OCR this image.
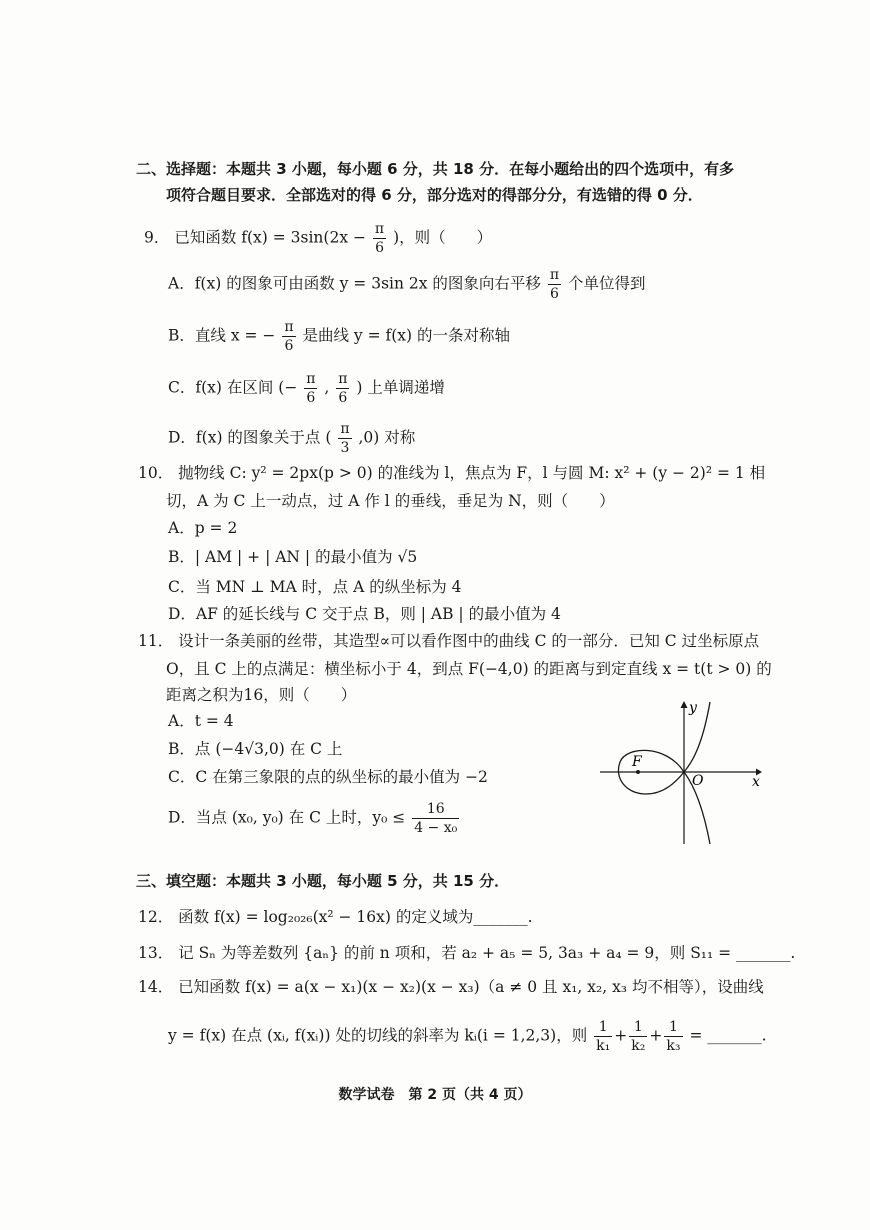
二、选择题：本题共 3 小题，每小题 6 分，共 18 分．在每小题给出的四个选项中，有多
项符合题目要求．全部选对的得 6 分，部分选对的得部分分，有选错的得 0 分．
9． 已知函数 $f(x) = 3\sin(2x - \frac{\pi}{6}$ )，则（　　）
A．f(x) 的图象可由函数 y = 3sin 2x 的图象向右平移 $\frac{\pi}{6}$ 个单位得到
B．直线 x = − $\frac{\pi}{6}$ 是曲线 y = f(x) 的一条对称轴
C．f(x) 在区间 (− $\frac{\pi}{6}$ , $\frac{\pi}{6}$ ) 上单调递增
D．f(x) 的图象关于点 ( $\frac{\pi}{3} ,0$) 对称
10． 抛物线 C: y² = 2px(p > 0) 的准线为 l，焦点为 F，l 与圆 M: x² + (y − 2)² = 1 相
切，A 为 C 上一动点，过 A 作 l 的垂线，垂足为 N，则（　　）
A．p = 2
B．| AM | + | AN | 的最小值为 √5
C．当 MN ⊥ MA 时，点 A 的纵坐标为 4
D．AF 的延长线与 C 交于点 B，则 | AB | 的最小值为 4
11． 设计一条美丽的丝带，其造型∝可以看作图中的曲线 C 的一部分．已知 C 过坐标原点
O，且 C 上的点满足：横坐标小于 4，到点 F(−4,0) 的距离与到定直线 x = t(t > 0) 的
距离之积为16，则（　　）
A．t = 4
B．点 (−4√3,0) 在 C 上
C．C 在第三象限的点的纵坐标的最小值为 −2
D．当点 (x₀, y₀) 在 C 上时，$y_0 \le \frac{16}{\text{4 − x₀}}$
F
O	x
y
三、填空题：本题共 3 小题，每小题 5 分，共 15 分．
12． 函数 f(x) = log₂₀₂₆(x² − 16x) 的定义域为_______.
13． 记 Sₙ 为等差数列 {aₙ} 的前 n 项和，若 a₂ + a₅ = 5, 3a₃ + a₄ = 9，则 S₁₁ = _______.
14． 已知函数 f(x) = a(x − x₁)(x − x₂)(x − x₃)（a ≠ 0 且 x₁, x₂, x₃ 均不相等），设曲线
y = f(x) 在点 (xᵢ, f(xᵢ)) 处的切线的斜率为 kᵢ(i = 1,2,3)，则 $\frac{1}{\text{k₁}} + \frac{1}{\text{k₂}} + \frac{1}{\text{k₃}}$ = _______.
数学试卷　第 2 页（共 4 页）
